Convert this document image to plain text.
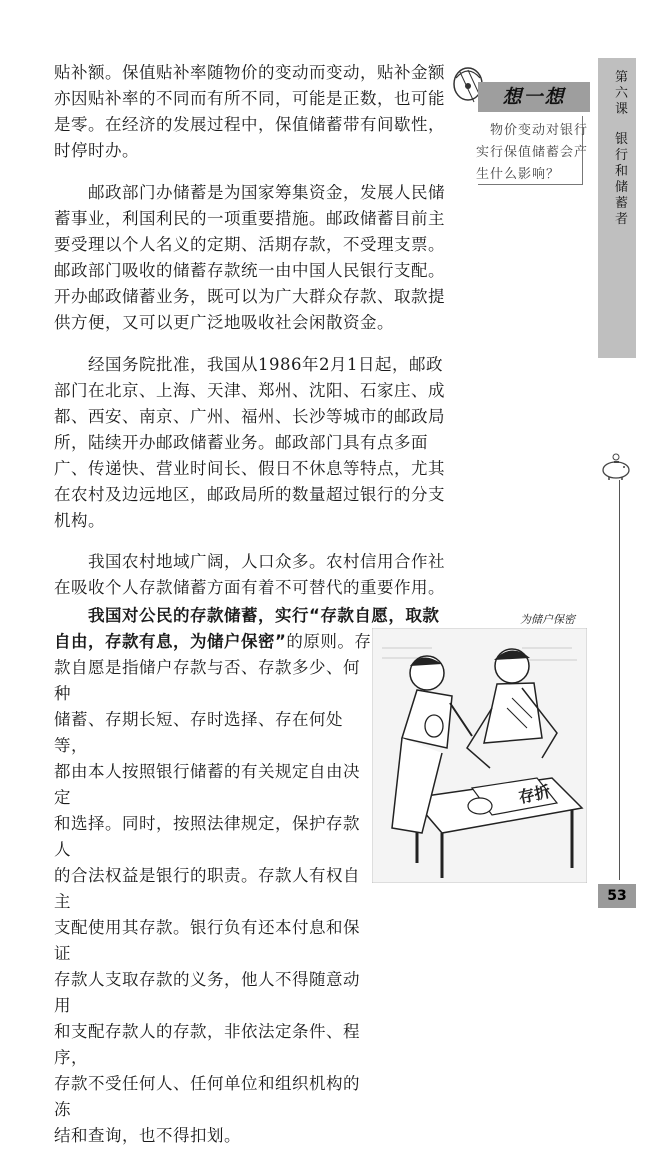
贴补额。保值贴补率随物价的变动而变动，贴补金额

亦因贴补率的不同而有所不同，可能是正数，也可能

是零。在经济的发展过程中，保值储蓄带有间歇性，

时停时办。

　　邮政部门办储蓄是为国家筹集资金，发展人民储

蓄事业，利国利民的一项重要措施。邮政储蓄目前主

要受理以个人名义的定期、活期存款，不受理支票。

邮政部门吸收的储蓄存款统一由中国人民银行支配。

开办邮政储蓄业务，既可以为广大群众存款、取款提

供方便，又可以更广泛地吸收社会闲散资金。

　　经国务院批准，我国从1986年2月1日起，邮政

部门在北京、上海、天津、郑州、沈阳、石家庄、成

都、西安、南京、广州、福州、长沙等城市的邮政局

所，陆续开办邮政储蓄业务。邮政部门具有点多面

广、传递快、营业时间长、假日不休息等特点，尤其

在农村及边远地区，邮政局所的数量超过银行的分支

机构。

　　我国农村地域广阔，人口众多。农村信用合作社

在吸收个人存款储蓄方面有着不可替代的重要作用。

　　我国对公民的存款储蓄，实行“存款自愿，取款

自由，存款有息，为储户保密”的原则。存

款自愿是指储户存款与否、存款多少、何种

储蓄、存期长短、存时选择、存在何处等，

都由本人按照银行储蓄的有关规定自由决定

和选择。同时，按照法律规定，保护存款人

的合法权益是银行的职责。存款人有权自主

支配使用其存款。银行负有还本付息和保证

存款人支取存款的义务，他人不得随意动用

和支配存款人的存款，非依法定条件、程序，

存款不受任何人、任何单位和组织机构的冻

结和查询，也不得扣划。

第
六
课
银
行
和
储
蓄
者
53
想一想
　物价变动对银行实行保值储蓄会产生什么影响？
为储户保密
存折
